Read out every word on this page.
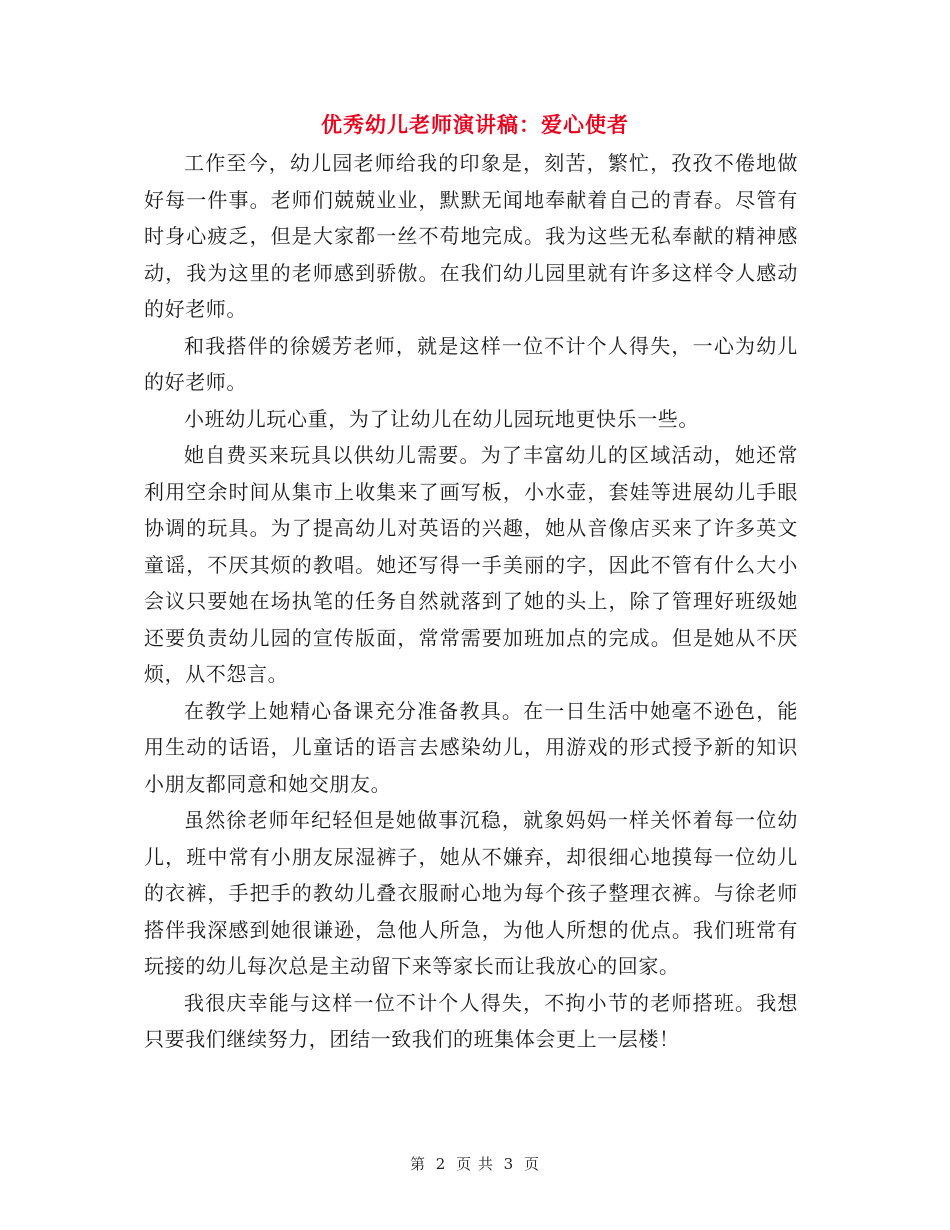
优秀幼儿老师演讲稿：爱心使者

工作至今，幼儿园老师给我的印象是，刻苦，繁忙，孜孜不倦地做好每一件事。老师们兢兢业业，默默无闻地奉献着自己的青春。尽管有时身心疲乏，但是大家都一丝不苟地完成。我为这些无私奉献的精神感动，我为这里的老师感到骄傲。在我们幼儿园里就有许多这样令人感动的好老师。

和我搭伴的徐媛芳老师，就是这样一位不计个人得失，一心为幼儿的好老师。

小班幼儿玩心重，为了让幼儿在幼儿园玩地更快乐一些。

她自费买来玩具以供幼儿需要。为了丰富幼儿的区域活动，她还常利用空余时间从集市上收集来了画写板，小水壶，套娃等进展幼儿手眼协调的玩具。为了提高幼儿对英语的兴趣，她从音像店买来了许多英文童谣，不厌其烦的教唱。她还写得一手美丽的字，因此不管有什么大小会议只要她在场执笔的任务自然就落到了她的头上，除了管理好班级她还要负责幼儿园的宣传版面，常常需要加班加点的完成。但是她从不厌烦，从不怨言。

在教学上她精心备课充分准备教具。在一日生活中她毫不逊色，能用生动的话语，儿童话的语言去感染幼儿，用游戏的形式授予新的知识小朋友都同意和她交朋友。

虽然徐老师年纪轻但是她做事沉稳，就象妈妈一样关怀着每一位幼儿，班中常有小朋友尿湿裤子，她从不嫌弃，却很细心地摸每一位幼儿的衣裤，手把手的教幼儿叠衣服耐心地为每个孩子整理衣裤。与徐老师搭伴我深感到她很谦逊，急他人所急，为他人所想的优点。我们班常有玩接的幼儿每次总是主动留下来等家长而让我放心的回家。

我很庆幸能与这样一位不计个人得失，不拘小节的老师搭班。我想只要我们继续努力，团结一致我们的班集体会更上一层楼！

第 2 页 共 3 页
